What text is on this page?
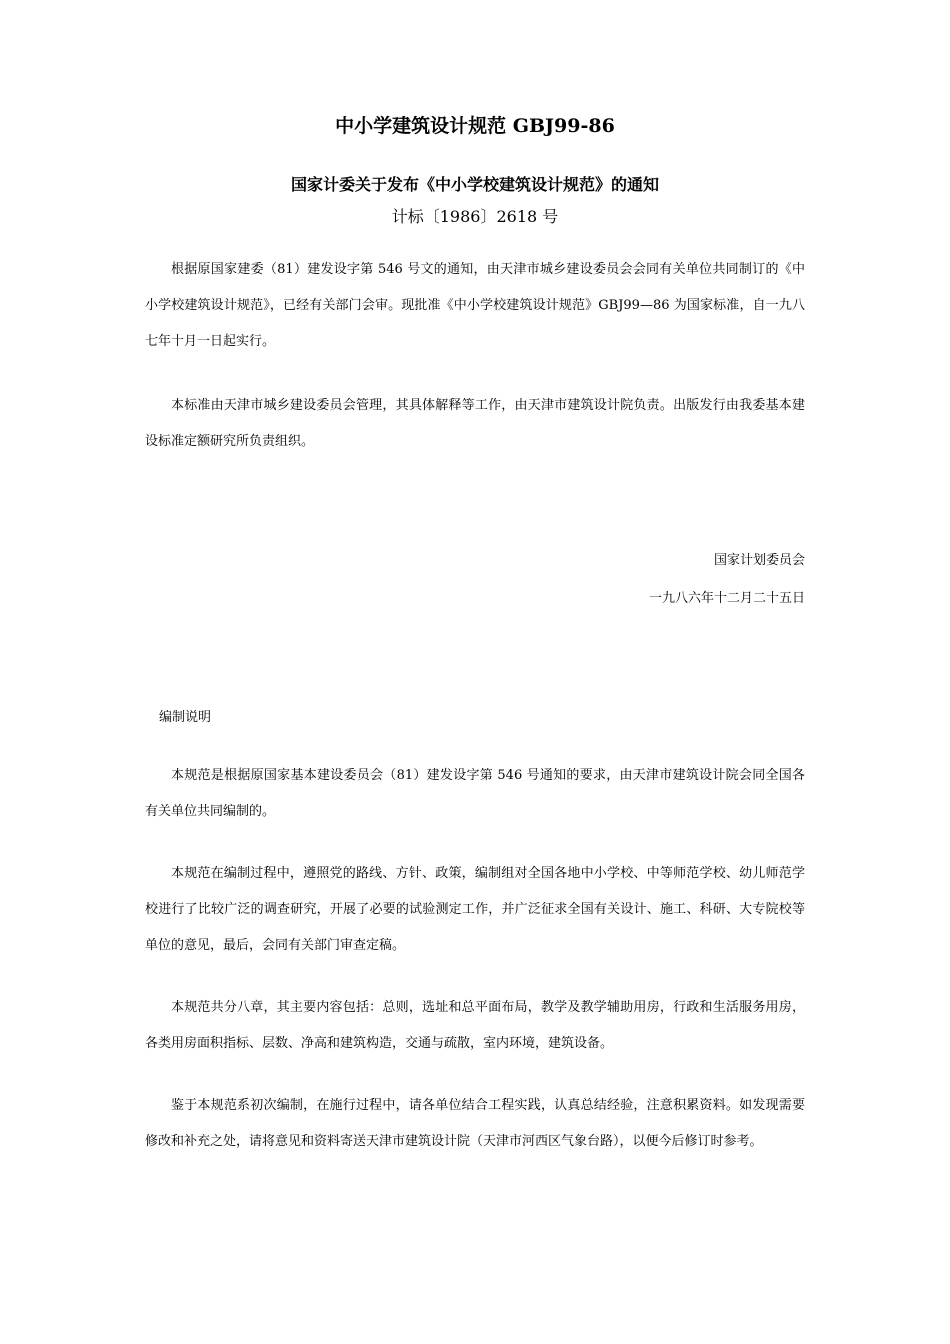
中小学建筑设计规范 GBJ99-86
国家计委关于发布《中小学校建筑设计规范》的通知
计标〔1986〕2618 号

根据原国家建委（81）建发设字第 546 号文的通知，由天津市城乡建设委员会会同有关单位共同制订的《中小学校建筑设计规范》，已经有关部门会审。现批准《中小学校建筑设计规范》GBJ99—86 为国家标准，自一九八七年十月一日起实行。

本标准由天津市城乡建设委员会管理，其具体解释等工作，由天津市建筑设计院负责。出版发行由我委基本建设标准定额研究所负责组织。

国家计划委员会
一九八六年十二月二十五日
编制说明

本规范是根据原国家基本建设委员会（81）建发设字第 546 号通知的要求，由天津市建筑设计院会同全国各有关单位共同编制的。

本规范在编制过程中，遵照党的路线、方针、政策，编制组对全国各地中小学校、中等师范学校、幼儿师范学校进行了比较广泛的调查研究，开展了必要的试验测定工作，并广泛征求全国有关设计、施工、科研、大专院校等单位的意见，最后，会同有关部门审查定稿。

本规范共分八章，其主要内容包括：总则，选址和总平面布局，教学及教学辅助用房，行政和生活服务用房，各类用房面积指标、层数、净高和建筑构造，交通与疏散，室内环境，建筑设备。

鉴于本规范系初次编制，在施行过程中，请各单位结合工程实践，认真总结经验，注意积累资料。如发现需要修改和补充之处，请将意见和资料寄送天津市建筑设计院（天津市河西区气象台路），以便今后修订时参考。
